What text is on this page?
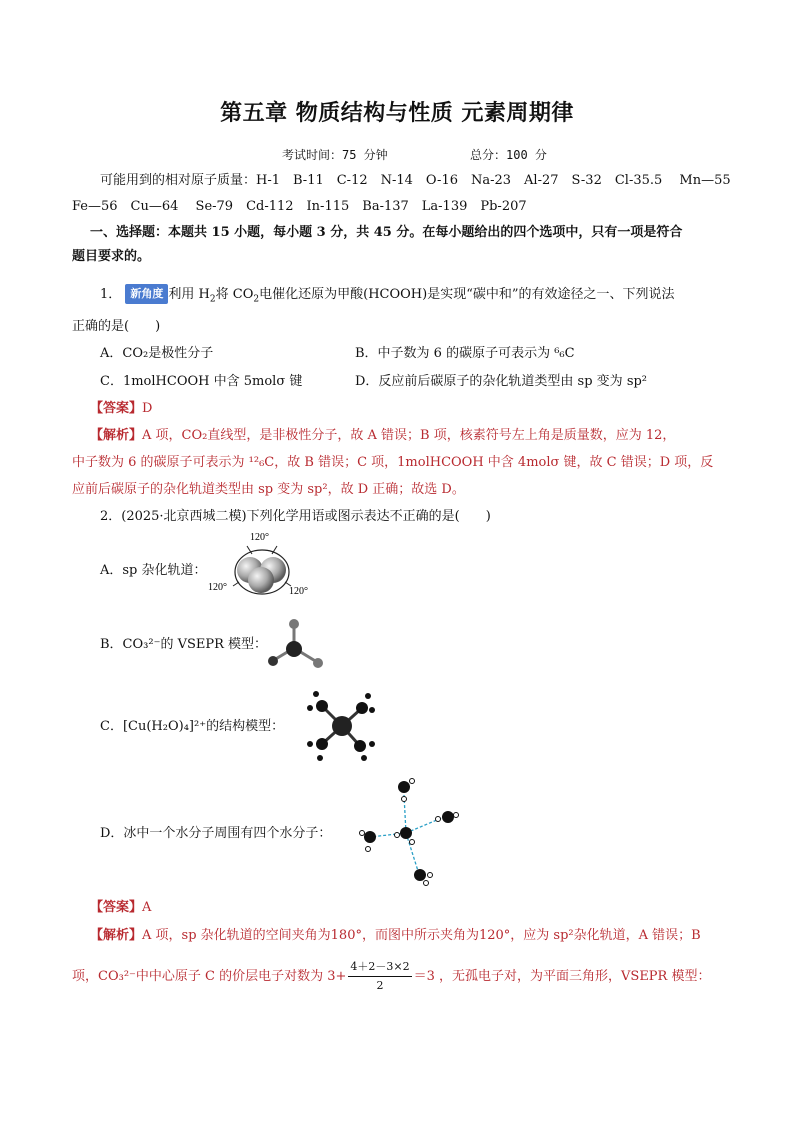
第五章 物质结构与性质 元素周期律
考试时间：75 分钟	总分：100 分
可能用到的相对原子质量：H-1　B-11　C-12　N-14　O-16　Na-23　Al-27　S-32　Cl-35.5　 Mn—55
Fe—56　Cu—64　 Se-79　Cd-112　In-115　Ba-137　La-139　Pb-207
一、选择题：本题共 15 小题，每小题 3 分，共 45 分。在每小题给出的四个选项中，只有一项是符合
题目要求的。
1． 新角度 利用 $H_2$将 $CO_2$电催化还原为甲酸(HCOOH)是实现“碳中和”的有效途径之一、下列说法
正确的是(　　)
A．CO₂是极性分子	B．中子数为 6 的碳原子可表示为 ⁶₆C
C．1molHCOOH 中含 5molσ 键	D．反应前后碳原子的杂化轨道类型由 sp 变为 sp²
【答案】D
【解析】A 项，CO₂直线型，是非极性分子，故 A 错误；B 项，核素符号左上角是质量数，应为 12，
中子数为 6 的碳原子可表示为 ¹²₆C，故 B 错误；C 项，1molHCOOH 中含 4molσ 键，故 C 错误；D 项，反
应前后碳原子的杂化轨道类型由 sp 变为 sp²，故 D 正确；故选 D。
2．(2025·北京西城二模)下列化学用语或图示表达不正确的是(　　)
A．sp 杂化轨道：
120°
120°	120°
B．CO₃²⁻的 VSEPR 模型：
C．[Cu(H₂O)₄]²⁺的结构模型：
D．冰中一个水分子周围有四个水分子：
【答案】A
【解析】A 项，sp 杂化轨道的空间夹角为180°，而图中所示夹角为120°，应为 sp²杂化轨道，A 错误；B
项，CO₃²⁻中中心原子 C 的价层电子对数为 $3+ \frac{4+2-3\times 2}{2} =3$ ，无孤电子对，为平面三角形，VSEPR 模型：
